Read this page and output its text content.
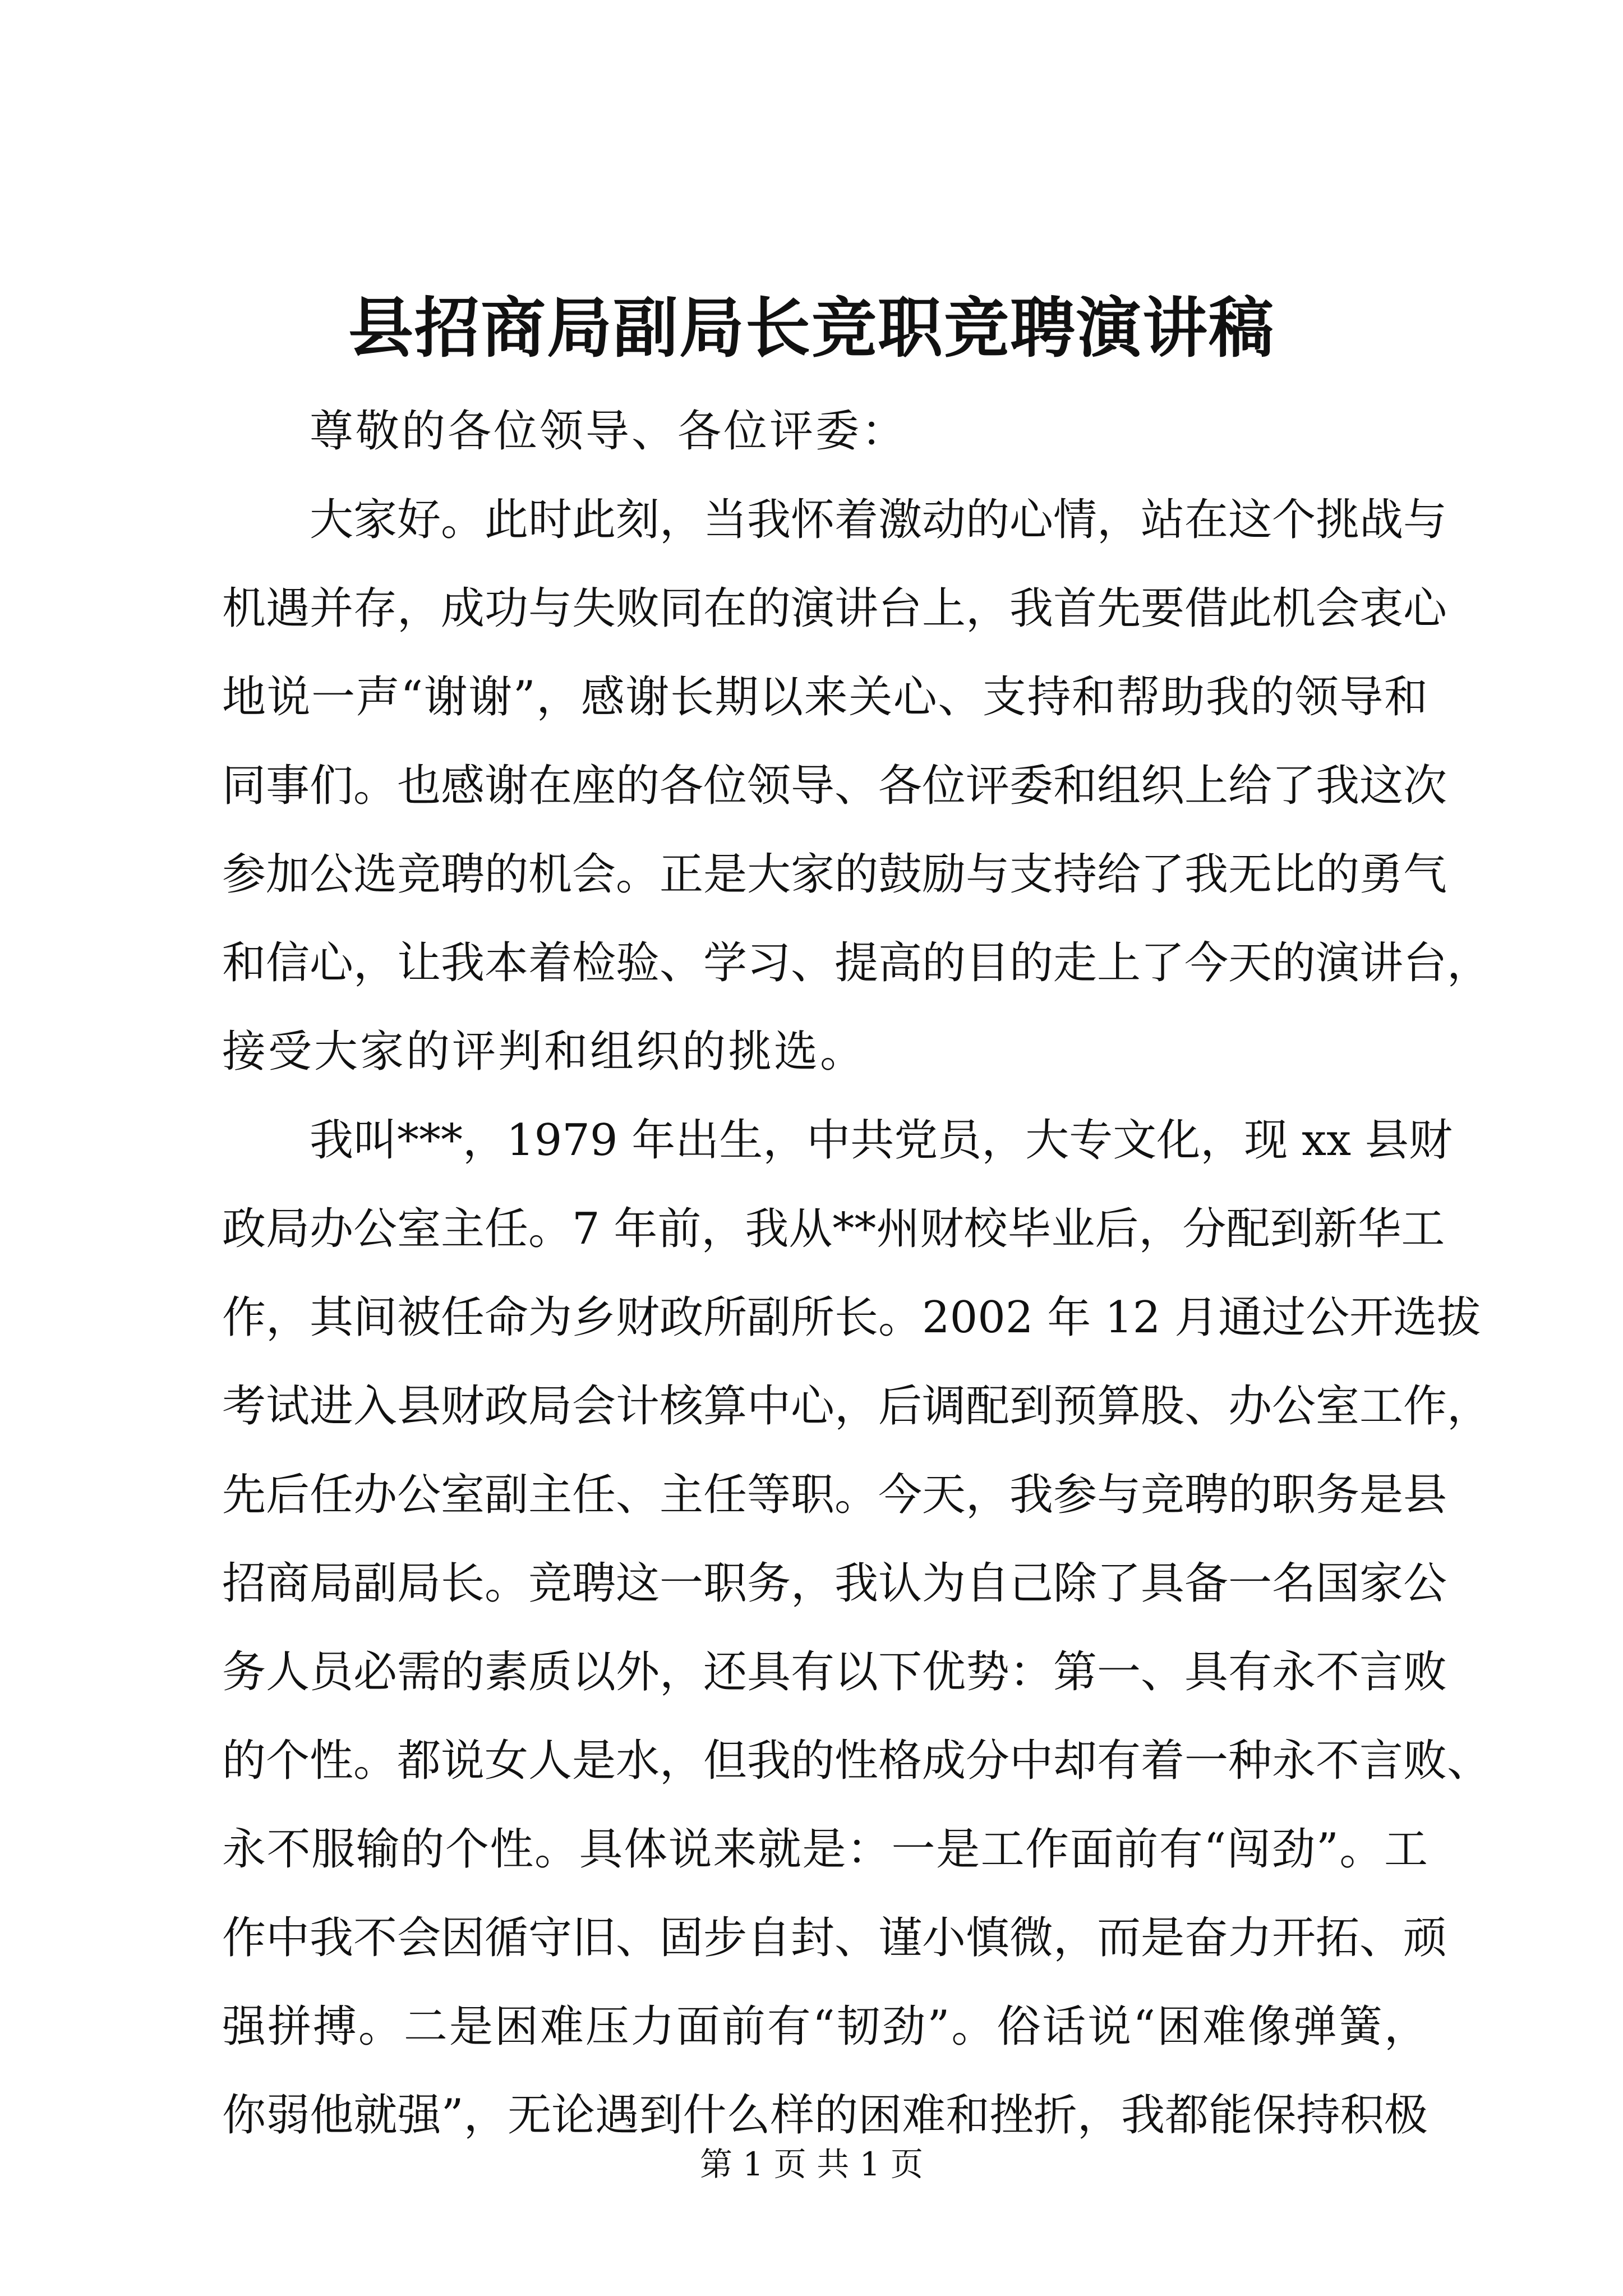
县招商局副局长竞职竞聘演讲稿
尊敬的各位领导、各位评委：
大家好。此时此刻，当我怀着激动的心情，站在这个挑战与
机遇并存，成功与失败同在的演讲台上，我首先要借此机会衷心
地说一声“谢谢”，感谢长期以来关心、支持和帮助我的领导和
同事们。也感谢在座的各位领导、各位评委和组织上给了我这次
参加公选竞聘的机会。正是大家的鼓励与支持给了我无比的勇气
和信心，让我本着检验、学习、提高的目的走上了今天的演讲台，
接受大家的评判和组织的挑选。
我叫***，1979 年出生，中共党员，大专文化，现 xx 县财
政局办公室主任。7 年前，我从**州财校毕业后，分配到新华工
作，其间被任命为乡财政所副所长。2002 年 12 月通过公开选拔
考试进入县财政局会计核算中心，后调配到预算股、办公室工作，
先后任办公室副主任、主任等职。今天，我参与竞聘的职务是县
招商局副局长。竞聘这一职务，我认为自己除了具备一名国家公
务人员必需的素质以外，还具有以下优势：第一、具有永不言败
的个性。都说女人是水，但我的性格成分中却有着一种永不言败、
永不服输的个性。具体说来就是：一是工作面前有“闯劲”。工
作中我不会因循守旧、固步自封、谨小慎微，而是奋力开拓、顽
强拼搏。二是困难压力面前有“韧劲”。俗话说“困难像弹簧，
你弱他就强”，无论遇到什么样的困难和挫折，我都能保持积极
第 1 页 共 1 页
